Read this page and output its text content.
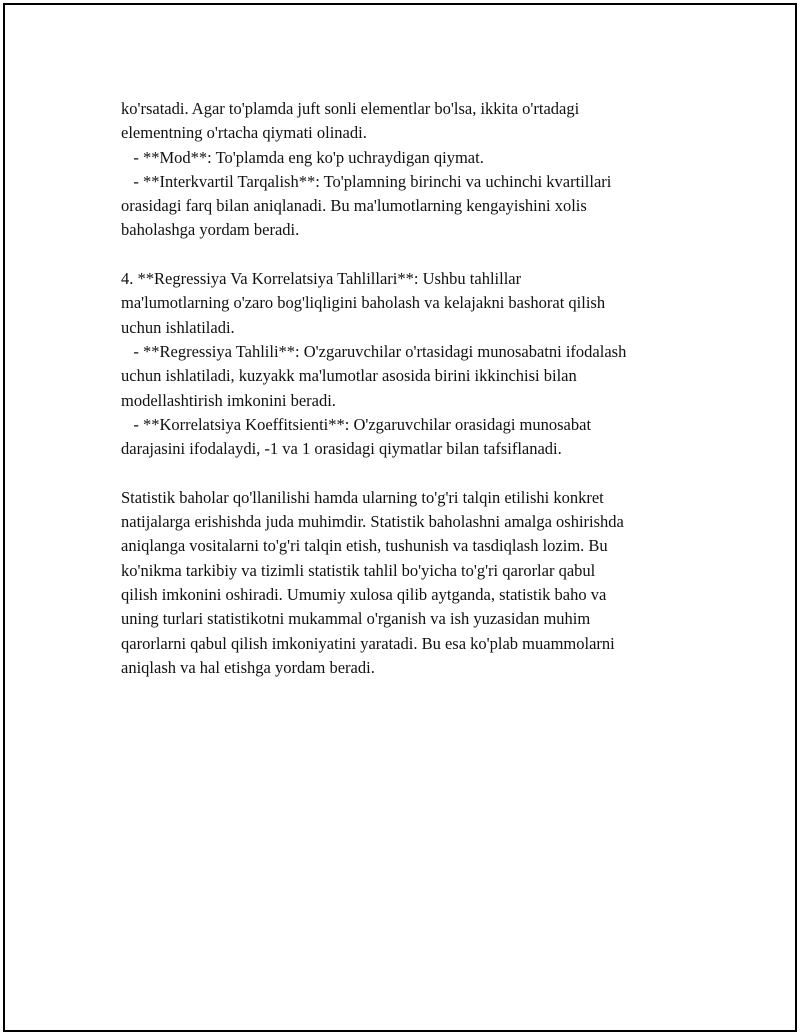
ko'rsatadi. Agar to'plamda juft sonli elementlar bo'lsa, ikkita o'rtadagi
elementning o'rtacha qiymati olinadi.

- **Mod**: To'plamda eng ko'p uchraydigan qiymat.

- **Interkvartil Tarqalish**: To'plamning birinchi va uchinchi kvartillari
orasidagi farq bilan aniqlanadi. Bu ma'lumotlarning kengayishini xolis
baholashga yordam beradi.

4. **Regressiya Va Korrelatsiya Tahlillari**: Ushbu tahlillar
ma'lumotlarning o'zaro bog'liqligini baholash va kelajakni bashorat qilish
uchun ishlatiladi.

- **Regressiya Tahlili**: O'zgaruvchilar o'rtasidagi munosabatni ifodalash
uchun ishlatiladi, kuzyakk ma'lumotlar asosida birini ikkinchisi bilan
modellashtirish imkonini beradi.

- **Korrelatsiya Koeffitsienti**: O'zgaruvchilar orasidagi munosabat
darajasini ifodalaydi, -1 va 1 orasidagi qiymatlar bilan tafsiflanadi.

Statistik baholar qo'llanilishi hamda ularning to'g'ri talqin etilishi konkret
natijalarga erishishda juda muhimdir. Statistik baholashni amalga oshirishda
aniqlanga vositalarni to'g'ri talqin etish, tushunish va tasdiqlash lozim. Bu
ko'nikma tarkibiy va tizimli statistik tahlil bo'yicha to'g'ri qarorlar qabul
qilish imkonini oshiradi. Umumiy xulosa qilib aytganda, statistik baho va
uning turlari statistikotni mukammal o'rganish va ish yuzasidan muhim
qarorlarni qabul qilish imkoniyatini yaratadi. Bu esa ko'plab muammolarni
aniqlash va hal etishga yordam beradi.
